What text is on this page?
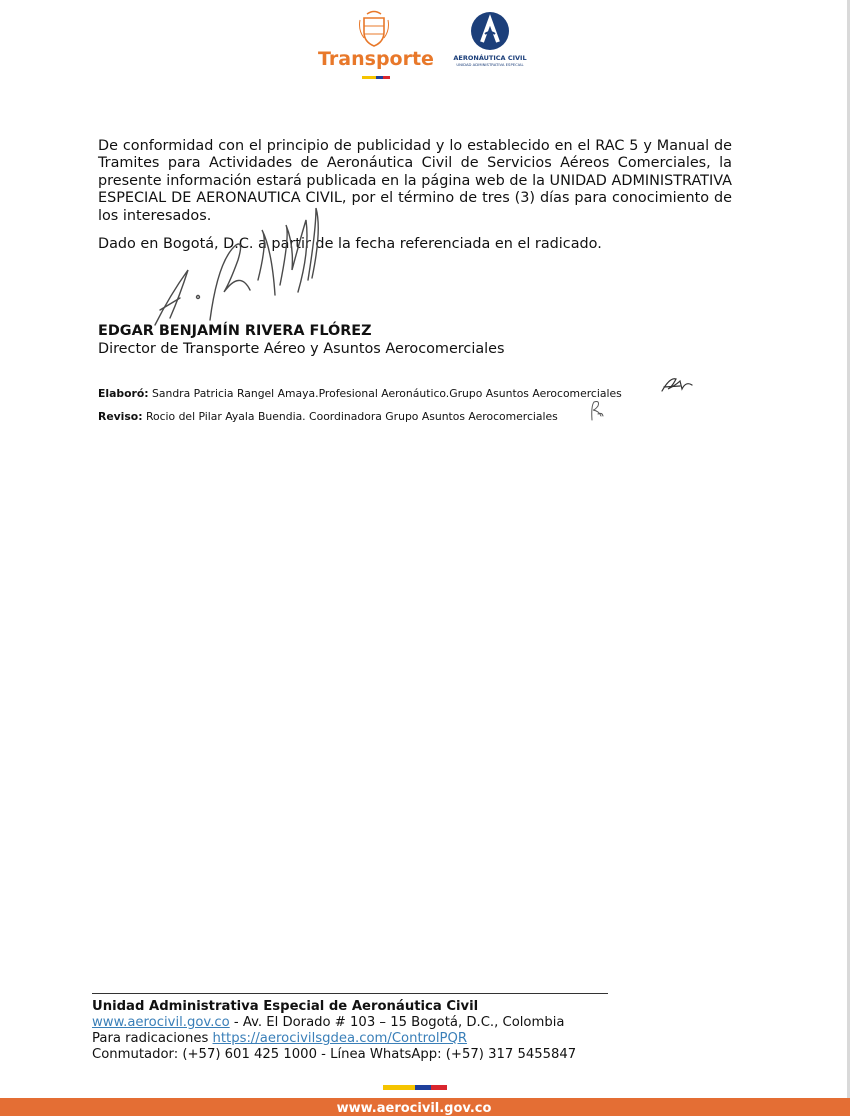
Transporte	AERONÁUTICA CIVIL
UNIDAD ADMINISTRATIVA ESPECIAL

De conformidad con el principio de publicidad y lo establecido en el RAC 5 y Manual de Tramites para Actividades de Aeronáutica Civil de Servicios Aéreos Comerciales, la presente información estará publicada en la página web de la UNIDAD ADMINISTRATIVA ESPECIAL DE AERONAUTICA CIVIL, por el término de tres (3) días para conocimiento de los interesados.

Dado en Bogotá, D.C. a partir de la fecha referenciada en el radicado.

EDGAR BENJAMÍN RIVERA FLÓREZ
Director de Transporte Aéreo y Asuntos Aerocomerciales
Elaboró: Sandra Patricia Rangel Amaya.Profesional Aeronáutico.Grupo Asuntos Aerocomerciales
Reviso: Rocio del Pilar Ayala Buendia. Coordinadora Grupo Asuntos Aerocomerciales
Unidad Administrativa Especial de Aeronáutica Civil
www.aerocivil.gov.co - Av. El Dorado # 103 – 15 Bogotá, D.C., Colombia
Para radicaciones https://aerocivilsgdea.com/ControlPQR
Conmutador: (+57) 601 425 1000 - Línea WhatsApp: (+57) 317 5455847
www.aerocivil.gov.co
